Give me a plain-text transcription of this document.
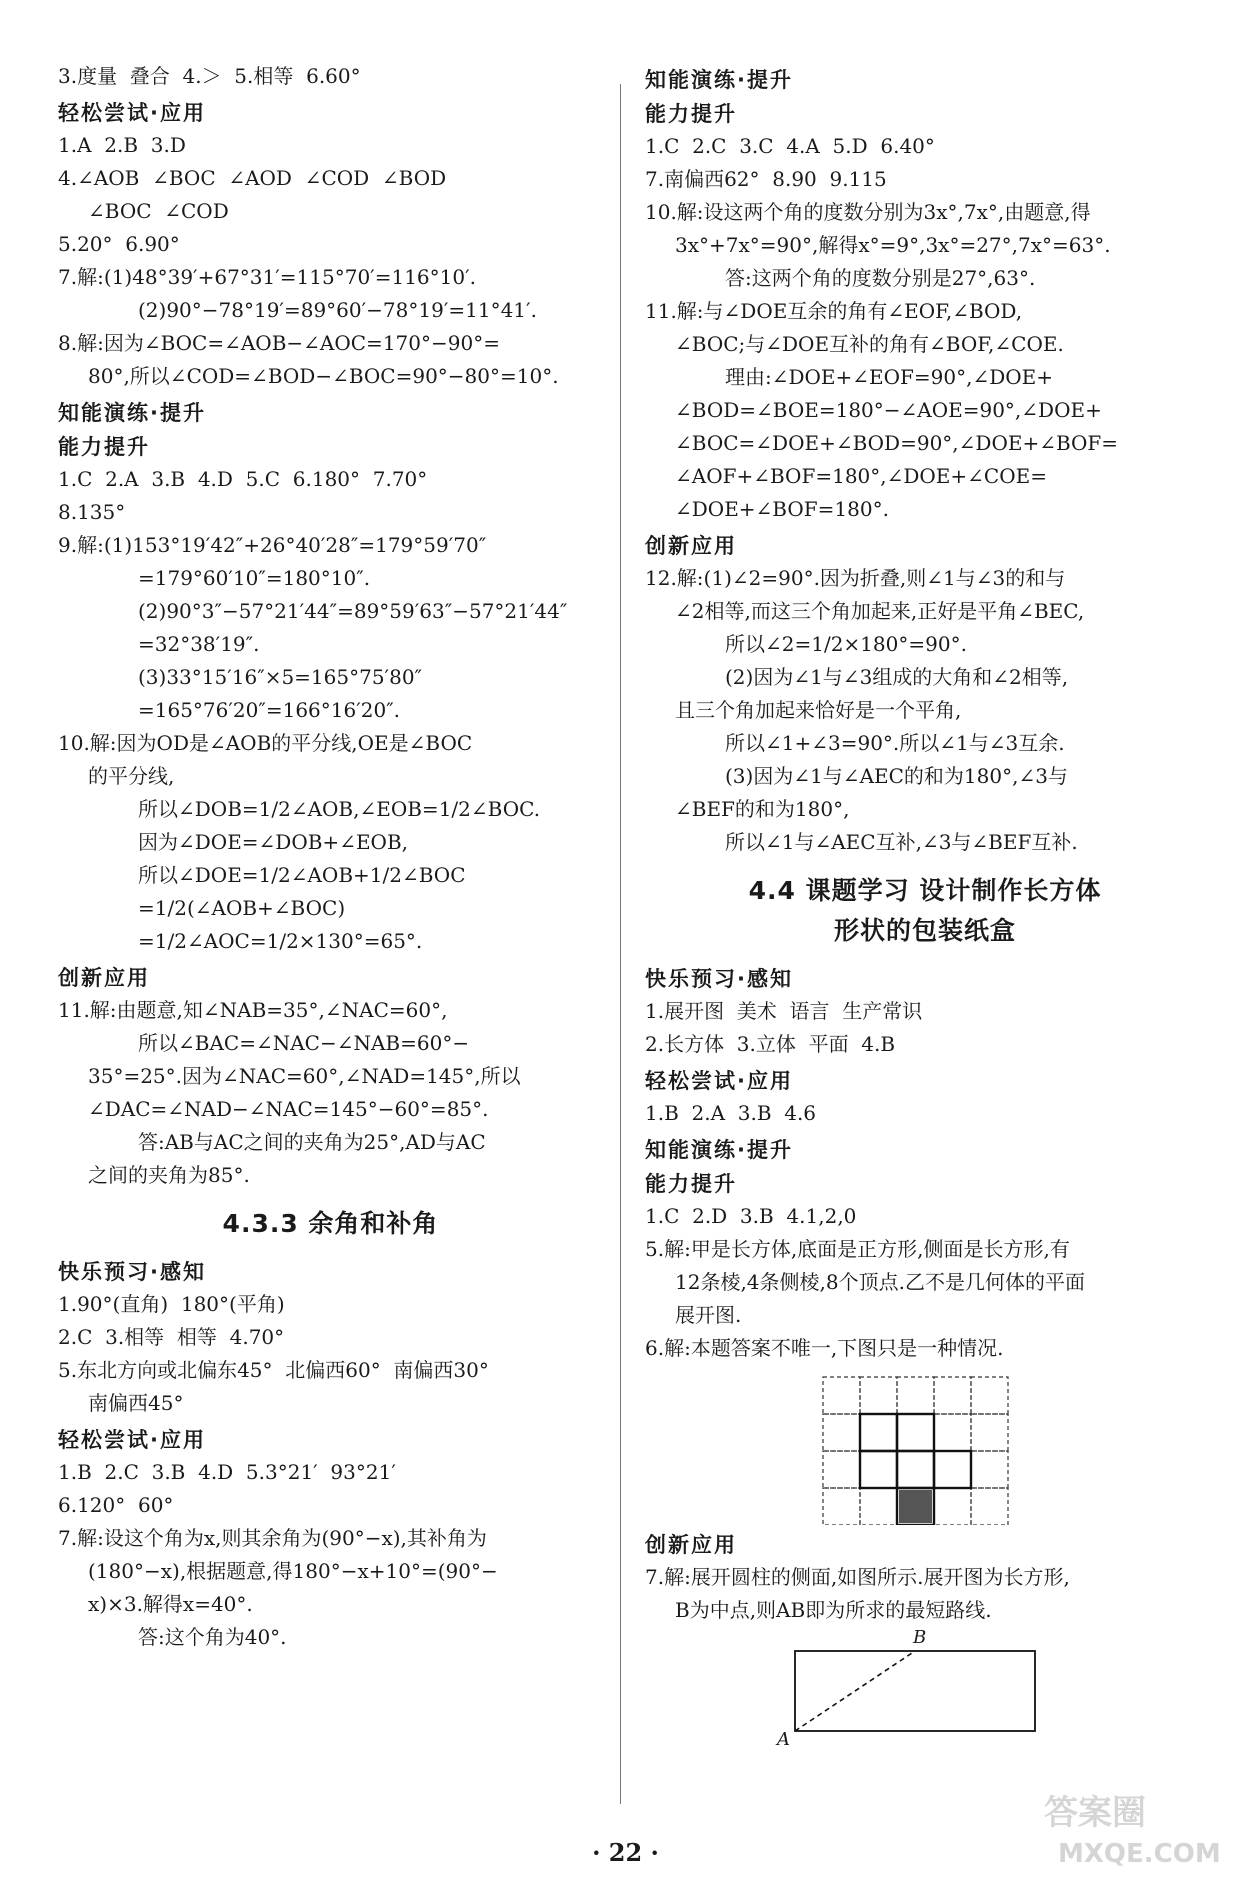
3.度量  叠合  4.＞  5.相等  6.60°
轻松尝试·应用
1.A  2.B  3.D
4.∠AOB  ∠BOC  ∠AOD  ∠COD  ∠BOD
∠BOC  ∠COD
5.20°  6.90°
7.解:(1)48°39′+67°31′=115°70′=116°10′.
(2)90°−78°19′=89°60′−78°19′=11°41′.
8.解:因为∠BOC=∠AOB−∠AOC=170°−90°=
80°,所以∠COD=∠BOD−∠BOC=90°−80°=10°.
知能演练·提升
能力提升
1.C  2.A  3.B  4.D  5.C  6.180°  7.70°
8.135°
9.解:(1)153°19′42″+26°40′28″=179°59′70″
=179°60′10″=180°10″.
(2)90°3″−57°21′44″=89°59′63″−57°21′44″
=32°38′19″.
(3)33°15′16″×5=165°75′80″
=165°76′20″=166°16′20″.
10.解:因为OD是∠AOB的平分线,OE是∠BOC
的平分线,
所以∠DOB=1/2∠AOB,∠EOB=1/2∠BOC.
因为∠DOE=∠DOB+∠EOB,
所以∠DOE=1/2∠AOB+1/2∠BOC
=1/2(∠AOB+∠BOC)
=1/2∠AOC=1/2×130°=65°.
创新应用
11.解:由题意,知∠NAB=35°,∠NAC=60°,
所以∠BAC=∠NAC−∠NAB=60°−
35°=25°.因为∠NAC=60°,∠NAD=145°,所以
∠DAC=∠NAD−∠NAC=145°−60°=85°.
答:AB与AC之间的夹角为25°,AD与AC
之间的夹角为85°.
4.3.3 余角和补角
快乐预习·感知
1.90°(直角)  180°(平角)
2.C  3.相等  相等  4.70°
5.东北方向或北偏东45°  北偏西60°  南偏西30°
南偏西45°
轻松尝试·应用
1.B  2.C  3.B  4.D  5.3°21′  93°21′
6.120°  60°
7.解:设这个角为x,则其余角为(90°−x),其补角为
(180°−x),根据题意,得180°−x+10°=(90°−
x)×3.解得x=40°.
答:这个角为40°.
知能演练·提升
能力提升
1.C  2.C  3.C  4.A  5.D  6.40°
7.南偏西62°  8.90  9.115
10.解:设这两个角的度数分别为3x°,7x°,由题意,得
3x°+7x°=90°,解得x°=9°,3x°=27°,7x°=63°.
答:这两个角的度数分别是27°,63°.
11.解:与∠DOE互余的角有∠EOF,∠BOD,
∠BOC;与∠DOE互补的角有∠BOF,∠COE.
理由:∠DOE+∠EOF=90°,∠DOE+
∠BOD=∠BOE=180°−∠AOE=90°,∠DOE+
∠BOC=∠DOE+∠BOD=90°,∠DOE+∠BOF=
∠AOF+∠BOF=180°,∠DOE+∠COE=
∠DOE+∠BOF=180°.
创新应用
12.解:(1)∠2=90°.因为折叠,则∠1与∠3的和与
∠2相等,而这三个角加起来,正好是平角∠BEC,
所以∠2=1/2×180°=90°.
(2)因为∠1与∠3组成的大角和∠2相等,
且三个角加起来恰好是一个平角,
所以∠1+∠3=90°.所以∠1与∠3互余.
(3)因为∠1与∠AEC的和为180°,∠3与
∠BEF的和为180°,
所以∠1与∠AEC互补,∠3与∠BEF互补.
4.4 课题学习 设计制作长方体
形状的包装纸盒
快乐预习·感知
1.展开图  美术  语言  生产常识
2.长方体  3.立体  平面  4.B
轻松尝试·应用
1.B  2.A  3.B  4.6
知能演练·提升
能力提升
1.C  2.D  3.B  4.1,2,0
5.解:甲是长方体,底面是正方形,侧面是长方形,有
12条棱,4条侧棱,8个顶点.乙不是几何体的平面
展开图.
6.解:本题答案不唯一,下图只是一种情况.
创新应用
7.解:展开圆柱的侧面,如图所示.展开图为长方形,
B为中点,则AB即为所求的最短路线.
B
A
· 22 ·
答案圈
MXQE.COM
